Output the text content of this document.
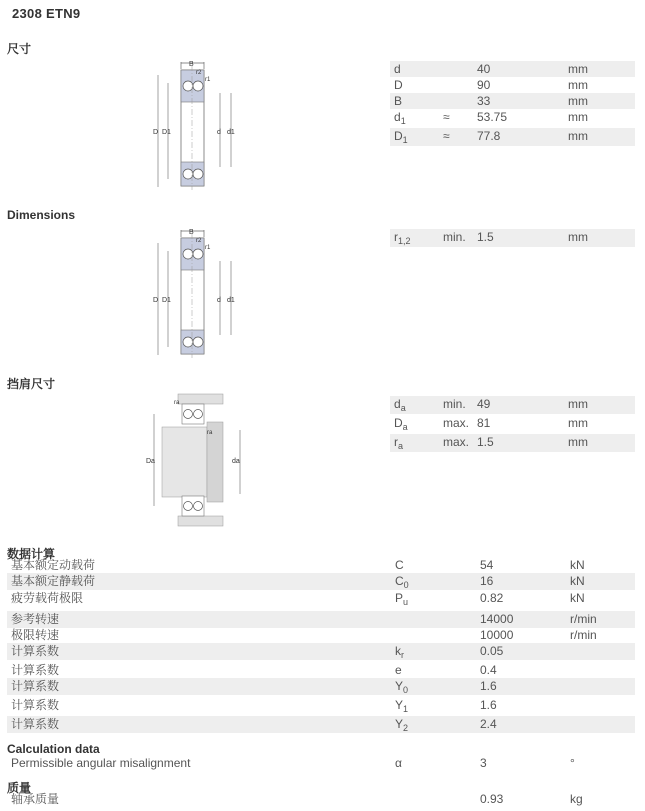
2308 ETN9
尺寸
B
D D1	d d1
r2
r1
d	40	mm
D	90	mm
B	33	mm
$d_1$	≈ 53.75	mm
$D_1$	≈ 77.8	mm
Dimensions
B
D D1	d d1
r2
r1
$r_{1,2}$	min. 1.5	mm
挡肩尺寸
Da	da
ra
ra
$d_a$	min. 49	mm
$D_a$	max. 81	mm
$r_a$	max. 1.5	mm
数据计算
基本额定动载荷	C	54	kN
基本额定静载荷	$C_0$	16	kN
疲劳载荷极限	$P_u$	0.82	kN
参考转速	14000	r/min
极限转速	10000	r/min
计算系数	$k_r$	0.05
计算系数	e	0.4
计算系数	$Y_0$	1.6
计算系数	$Y_1$	1.6
计算系数	$Y_2$	2.4
Calculation data
Permissible angular misalignment	α	3	°
质量
轴承质量	0.93	kg
